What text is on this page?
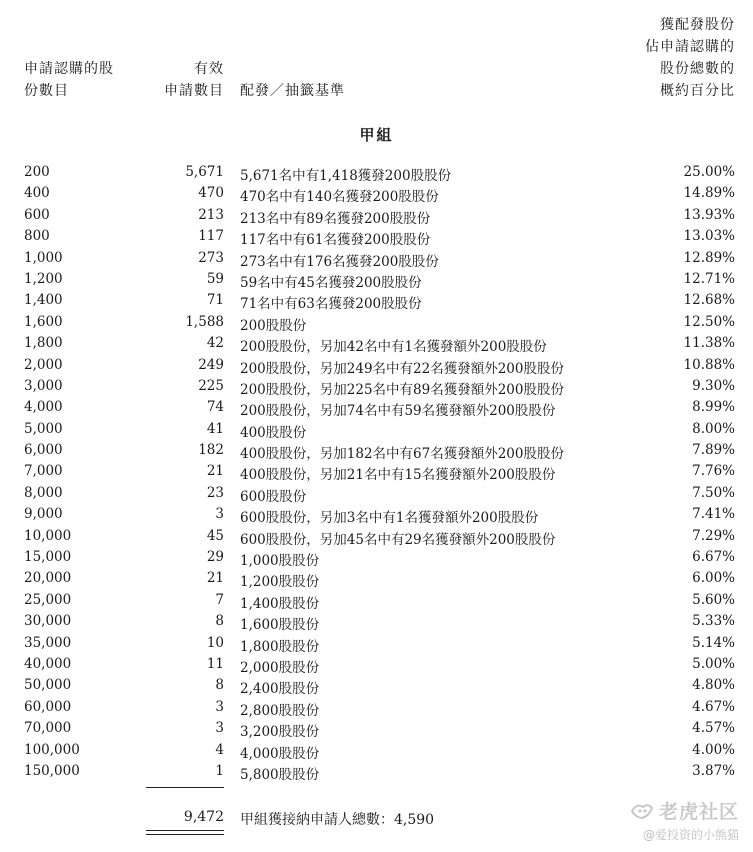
申請認購的股
份數目
有效
申請數目 配發／抽籤基準
獲配發股份
佔申請認購的
股份總數的
概約百分比
甲組
200	5,671 5,671名中有1,418獲發200股股份	25.00%
400	470 470名中有140名獲發200股股份	14.89%
600	213 213名中有89名獲發200股股份	13.93%
800	117 117名中有61名獲發200股股份	13.03%
1,000	273 273名中有176名獲發200股股份	12.89%
1,200	59 59名中有45名獲發200股股份	12.71%
1,400	71 71名中有63名獲發200股股份	12.68%
1,600	1,588 200股股份	12.50%
1,800	42 200股股份，另加42名中有1名獲發額外200股股份	11.38%
2,000	249 200股股份，另加249名中有22名獲發額外200股股份	10.88%
3,000	225 200股股份，另加225名中有89名獲發額外200股股份	9.30%
4,000	74 200股股份，另加74名中有59名獲發額外200股股份	8.99%
5,000	41 400股股份	8.00%
6,000	182 400股股份，另加182名中有67名獲發額外200股股份	7.89%
7,000	21 400股股份，另加21名中有15名獲發額外200股股份	7.76%
8,000	23 600股股份	7.50%
9,000	3 600股股份，另加3名中有1名獲發額外200股股份	7.41%
10,000	45 600股股份，另加45名中有29名獲發額外200股股份	7.29%
15,000	29 1,000股股份	6.67%
20,000	21 1,200股股份	6.00%
25,000	7 1,400股股份	5.60%
30,000	8 1,600股股份	5.33%
35,000	10 1,800股股份	5.14%
40,000	11 2,000股股份	5.00%
50,000	8 2,400股股份	4.80%
60,000	3 2,800股股份	4.67%
70,000	3 3,200股股份	4.57%
100,000	4 4,000股股份	4.00%
150,000	1 5,800股股份	3.87%
9,472 甲組獲接納申請人總數：4,590	老虎社区
@爱投资的小熊猫
